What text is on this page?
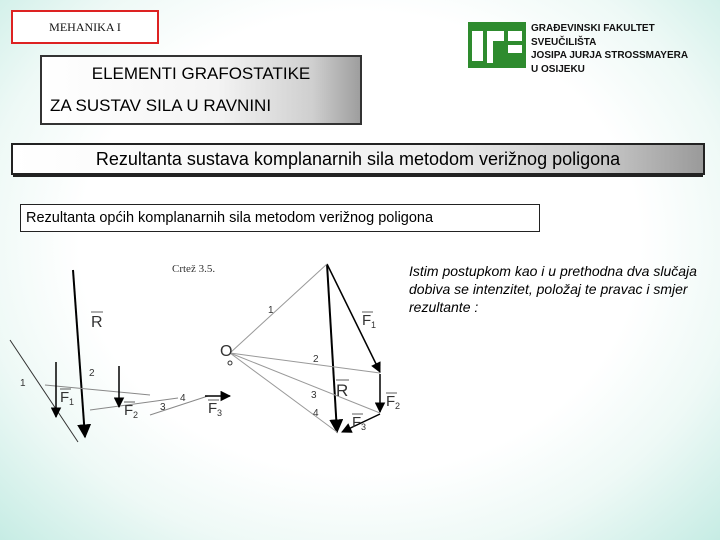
MEHANIKA I
ELEMENTI GRAFOSTATIKE
ZA SUSTAV SILA U RAVNINI
GRAĐEVINSKI FAKULTET
SVEUČILIŠTA
JOSIPA JURJA STROSSMAYERA
U OSIJEKU
Rezultanta sustava komplanarnih sila metodom verižnog poligona
Rezultanta općih komplanarnih sila metodom verižnog poligona
R
F 1	F 2	F 3
1
2
3
4
O
R
F 1
F 2
F 3
1
2
3
4
Crtež 3.5.	Istim postupkom kao i u prethodna dva slučaja dobiva se intenzitet, položaj te pravac i smjer rezultante :
